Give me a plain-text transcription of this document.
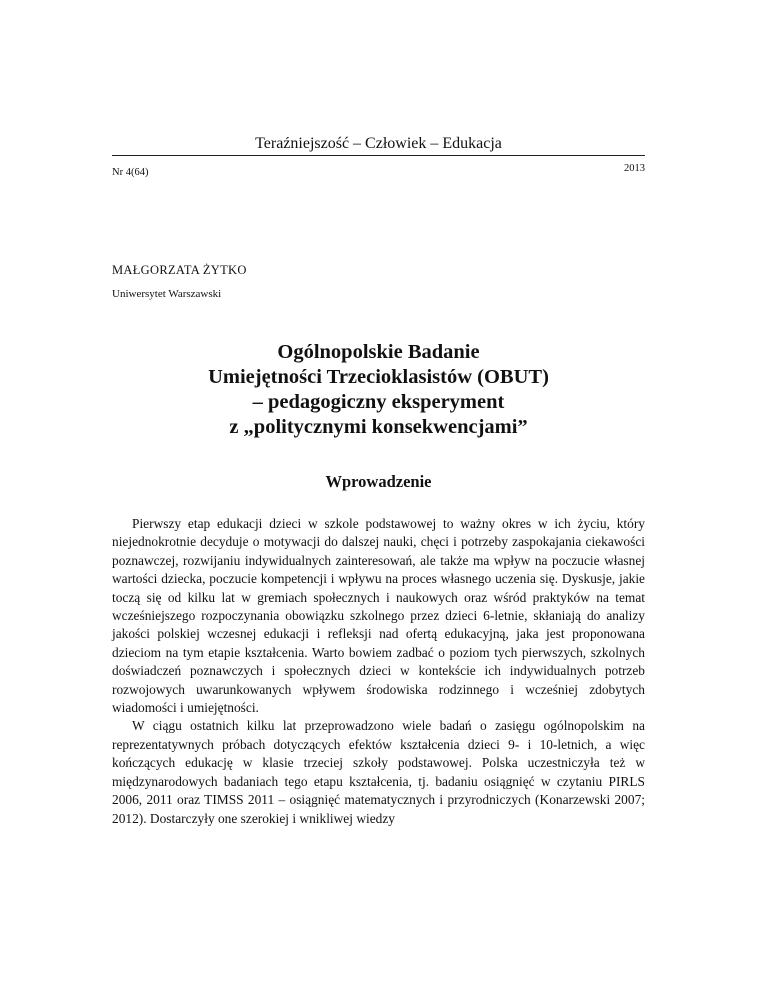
Teraźniejszość – Człowiek – Edukacja
Nr 4(64)	2013
MAŁGORZATA ŻYTKO
Uniwersytet Warszawski
Ogólnopolskie Badanie
Umiejętności Trzecioklasistów (OBUT)
– pedagogiczny eksperyment
z „politycznymi konsekwencjami”
Wprowadzenie

Pierwszy etap edukacji dzieci w szkole podstawowej to ważny okres w ich życiu, który niejednokrotnie decyduje o motywacji do dalszej nauki, chęci i potrzeby zaspokajania ciekawości poznawczej, rozwijaniu indywidualnych zainteresowań, ale także ma wpływ na poczucie własnej wartości dziecka, poczucie kompetencji i wpływu na proces własnego uczenia się. Dyskusje, jakie toczą się od kilku lat w gremiach społecznych i naukowych oraz wśród praktyków na temat wcześniejszego rozpoczynania obowiązku szkolnego przez dzieci 6-letnie, skłaniają do analizy jakości polskiej wczesnej edukacji i refleksji nad ofertą edukacyjną, jaka jest proponowana dzieciom na tym etapie kształcenia. Warto bowiem zadbać o poziom tych pierwszych, szkolnych doświadczeń poznawczych i społecznych dzieci w kontekście ich indywidualnych potrzeb rozwojowych uwarunkowanych wpływem środowiska rodzinnego i wcześniej zdobytych wiadomości i umiejętności.

W ciągu ostatnich kilku lat przeprowadzono wiele badań o zasięgu ogólnopolskim na reprezentatywnych próbach dotyczących efektów kształcenia dzieci 9- i 10-letnich, a więc kończących edukację w klasie trzeciej szkoły podstawowej. Polska uczestniczyła też w międzynarodowych badaniach tego etapu kształcenia, tj. badaniu osiągnięć w czytaniu PIRLS 2006, 2011 oraz TIMSS 2011 – osiągnięć matematycznych i przyrodniczych (Konarzewski 2007; 2012). Dostarczyły one szerokiej i wnikliwej wiedzy
